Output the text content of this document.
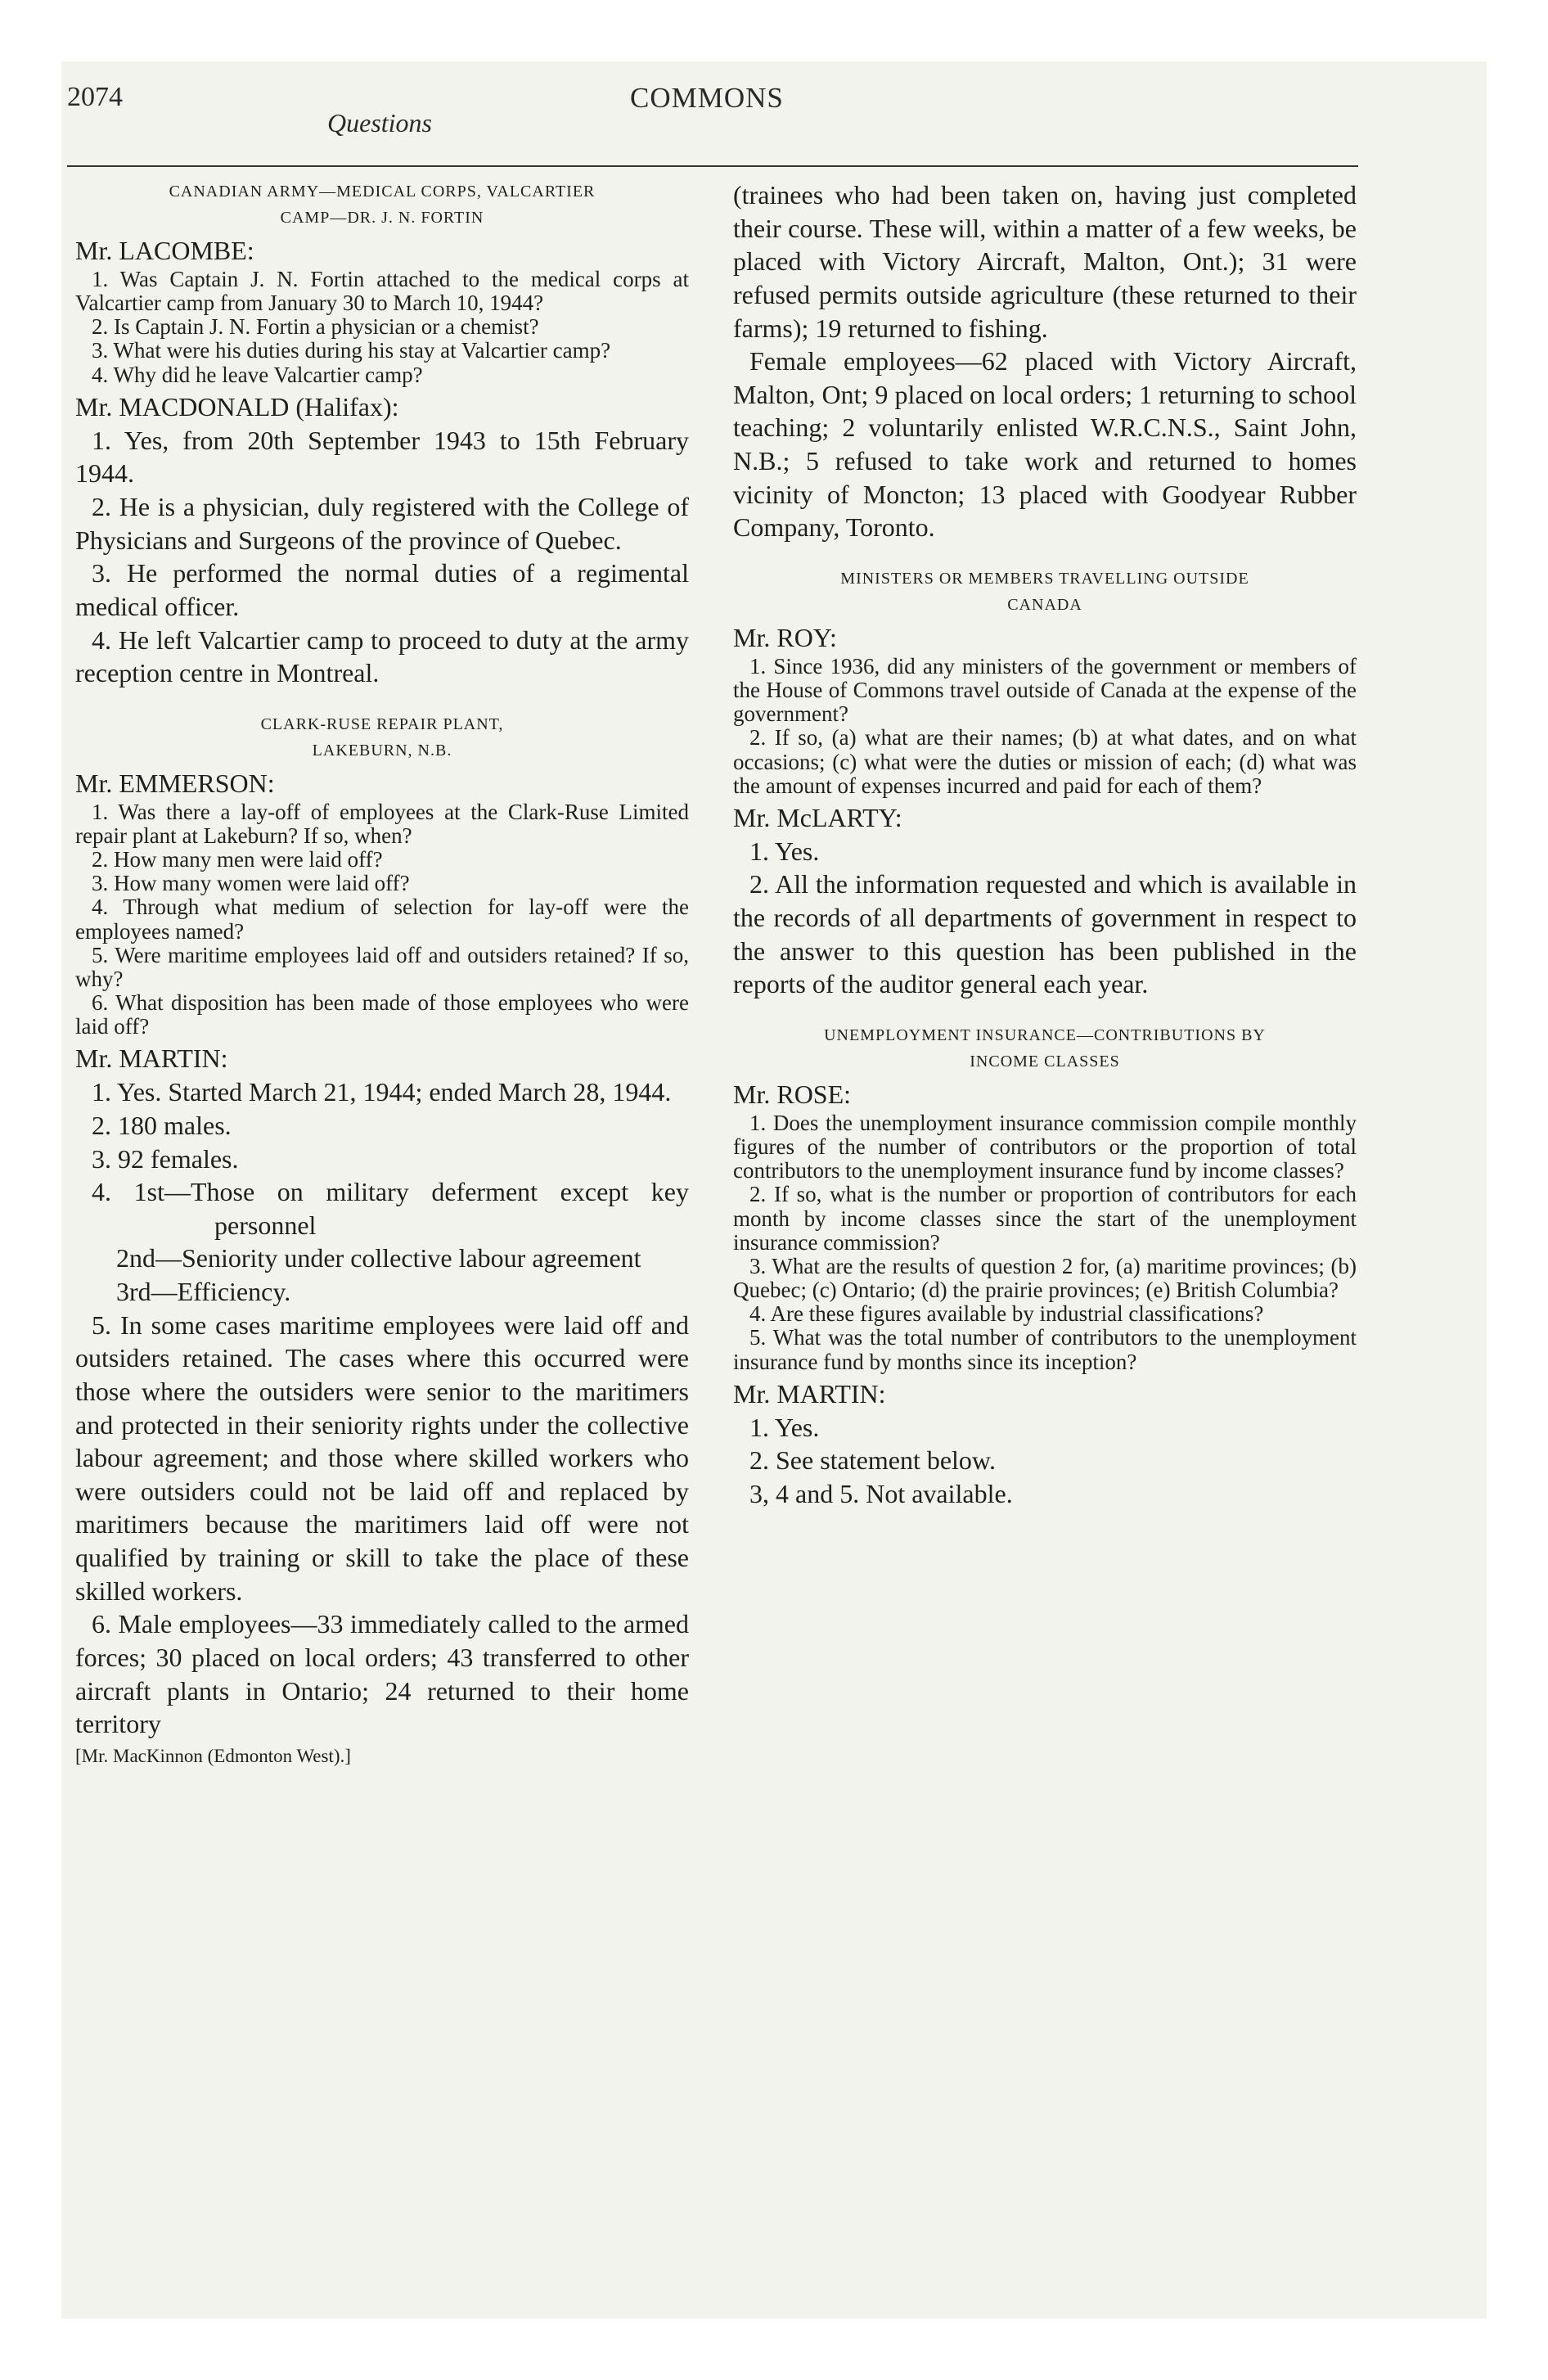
2074	COMMONS
Questions
CANADIAN ARMY—MEDICAL CORPS, VALCARTIER
CAMP—DR. J. N. FORTIN
Mr. LACOMBE:

1. Was Captain J. N. Fortin attached to the medical corps at Valcartier camp from January 30 to March 10, 1944?

2. Is Captain J. N. Fortin a physician or a chemist?

3. What were his duties during his stay at Valcartier camp?

4. Why did he leave Valcartier camp?

Mr. MACDONALD (Halifax):

1. Yes, from 20th September 1943 to 15th February 1944.

2. He is a physician, duly registered with the College of Physicians and Surgeons of the province of Quebec.

3. He performed the normal duties of a regimental medical officer.

4. He left Valcartier camp to proceed to duty at the army reception centre in Montreal.

CLARK-RUSE REPAIR PLANT,
LAKEBURN, N.B.
Mr. EMMERSON:

1. Was there a lay-off of employees at the Clark-Ruse Limited repair plant at Lakeburn? If so, when?

2. How many men were laid off?

3. How many women were laid off?

4. Through what medium of selection for lay-off were the employees named?

5. Were maritime employees laid off and outsiders retained? If so, why?

6. What disposition has been made of those employees who were laid off?

Mr. MARTIN:

1. Yes. Started March 21, 1944; ended March 28, 1944.

2. 180 males.

3. 92 females.

4. 1st—Those on military deferment except key personnel

2nd—Seniority under collective labour agreement

3rd—Efficiency.

5. In some cases maritime employees were laid off and outsiders retained. The cases where this occurred were those where the outsiders were senior to the maritimers and protected in their seniority rights under the collective labour agreement; and those where skilled workers who were outsiders could not be laid off and replaced by maritimers because the maritimers laid off were not qualified by training or skill to take the place of these skilled workers.

6. Male employees—33 immediately called to the armed forces; 30 placed on local orders; 43 transferred to other aircraft plants in Ontario; 24 returned to their home territory

[Mr. MacKinnon (Edmonton West).]

(trainees who had been taken on, having just completed their course. These will, within a matter of a few weeks, be placed with Victory Aircraft, Malton, Ont.); 31 were refused permits outside agriculture (these returned to their farms); 19 returned to fishing.

Female employees—62 placed with Victory Aircraft, Malton, Ont; 9 placed on local orders; 1 returning to school teaching; 2 voluntarily enlisted W.R.C.N.S., Saint John, N.B.; 5 refused to take work and returned to homes vicinity of Moncton; 13 placed with Goodyear Rubber Company, Toronto.

MINISTERS OR MEMBERS TRAVELLING OUTSIDE
CANADA
Mr. ROY:

1. Since 1936, did any ministers of the government or members of the House of Commons travel outside of Canada at the expense of the government?

2. If so, (a) what are their names; (b) at what dates, and on what occasions; (c) what were the duties or mission of each; (d) what was the amount of expenses incurred and paid for each of them?

Mr. McLARTY:

1. Yes.

2. All the information requested and which is available in the records of all departments of government in respect to the answer to this question has been published in the reports of the auditor general each year.

UNEMPLOYMENT INSURANCE—CONTRIBUTIONS BY
INCOME CLASSES
Mr. ROSE:

1. Does the unemployment insurance commission compile monthly figures of the number of contributors or the proportion of total contributors to the unemployment insurance fund by income classes?

2. If so, what is the number or proportion of contributors for each month by income classes since the start of the unemployment insurance commission?

3. What are the results of question 2 for, (a) maritime provinces; (b) Quebec; (c) Ontario; (d) the prairie provinces; (e) British Columbia?

4. Are these figures available by industrial classifications?

5. What was the total number of contributors to the unemployment insurance fund by months since its inception?

Mr. MARTIN:

1. Yes.

2. See statement below.

3, 4 and 5. Not available.
